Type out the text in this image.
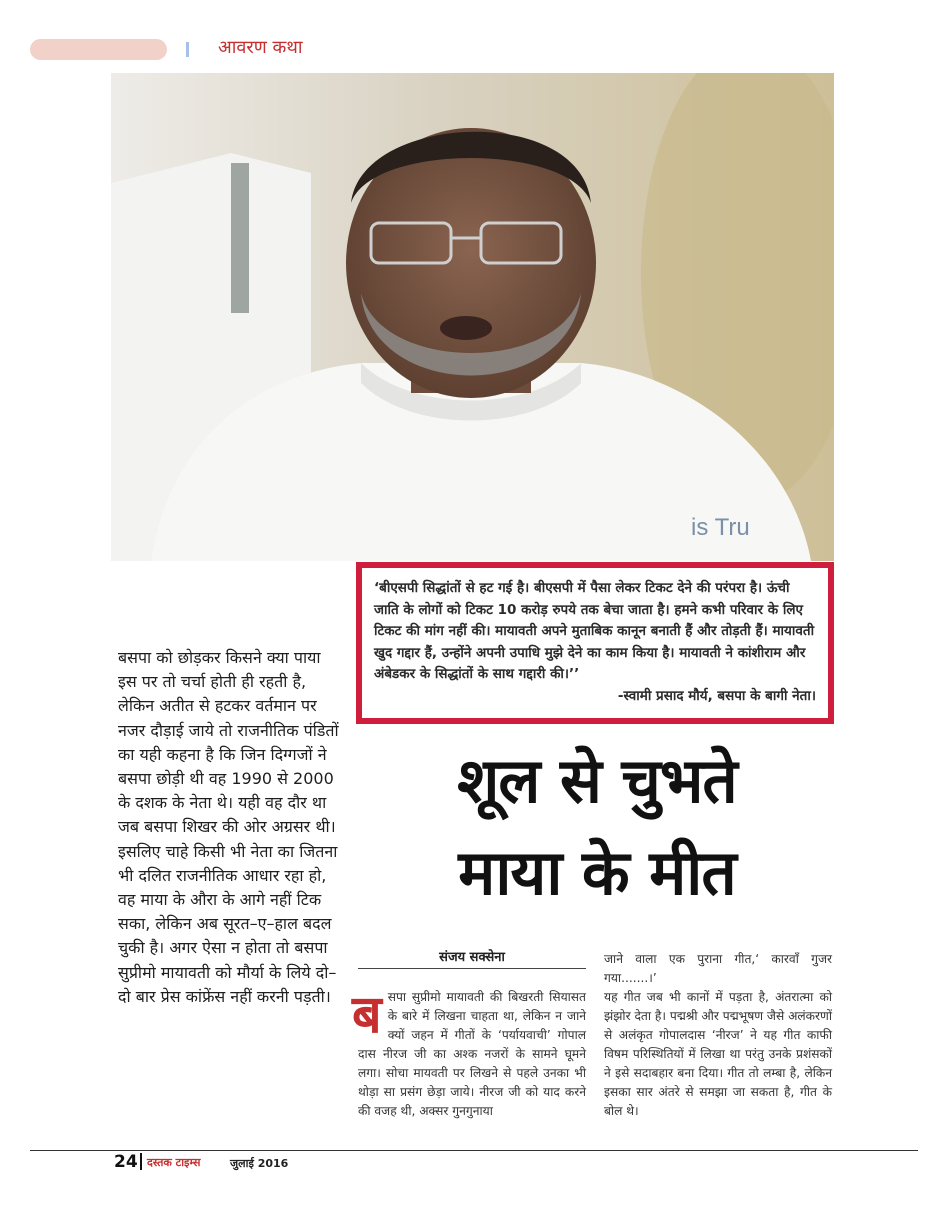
आवरण कथा
is Tru
‘बीएसपी सिद्धांतों से हट गई है। बीएसपी में पैसा लेकर टिकट देने की परंपरा है। ऊंची जाति के लोगों को टिकट 10 करोड़ रुपये तक बेचा जाता है। हमने कभी परिवार के लिए टिकट की मांग नहीं की। मायावती अपने मुताबिक कानून बनाती हैं और तोड़ती हैं। मायावती खुद गद्दार हैं, उन्होंने अपनी उपाधि मुझे देने का काम किया है। मायावती ने कांशीराम और अंबेडकर के सिद्धांतों के साथ गद्दारी की।’’
-स्वामी प्रसाद मौर्य, बसपा के बागी नेता।
बसपा को छोड़कर किसने क्या पाया इस पर तो चर्चा होती ही रहती है, लेकिन अतीत से हटकर वर्तमान पर नजर दौड़ाई जाये तो राजनीतिक पंडितों का यही कहना है कि जिन दिग्गजों ने बसपा छोड़ी थी वह 1990 से 2000 के दशक के नेता थे। यही वह दौर था जब बसपा शिखर की ओर अग्रसर थी। इसलिए चाहे किसी भी नेता का जितना भी दलित राजनीतिक आधार रहा हो, वह माया के औरा के आगे नहीं टिक सका, लेकिन अब सूरत–ए–हाल बदल चुकी है। अगर ऐसा न होता तो बसपा सुप्रीमो मायावती को मौर्या के लिये दो–दो बार प्रेस कांफ्रेंस नहीं करनी पड़ती।
शूल से चुभते
माया के मीत
संजय सक्सेना
ब सपा सुप्रीमो मायावती की बिखरती सियासत के बारे में लिखना चाहता था, लेकिन न जाने क्यों जहन में गीतों के ‘पर्यायवाची’ गोपाल दास नीरज जी का अश्क नजरों के सामने घूमने लगा। सोचा मायवती पर लिखने से पहले उनका भी थोड़ा सा प्रसंग छेड़ा जाये। नीरज जी को याद करने की वजह थी, अक्सर गुनगुनाया
जाने वाला एक पुराना गीत,‘ कारवाँ गुजर गया.......।’
यह गीत जब भी कानों में पड़ता है, अंतरात्मा को झंझोर देता है। पद्मश्री और पद्मभूषण जैसे अलंकरणों से अलंकृत गोपालदास ‘नीरज’ ने यह गीत काफी विषम परिस्थितियों में लिखा था परंतु उनके प्रशंसकों ने इसे सदाबहार बना दिया। गीत तो लम्बा है, लेकिन इसका सार अंतरे से समझा जा सकता है, गीत के बोल थे।
24 दस्तक टाइम्स	जुलाई 2016
